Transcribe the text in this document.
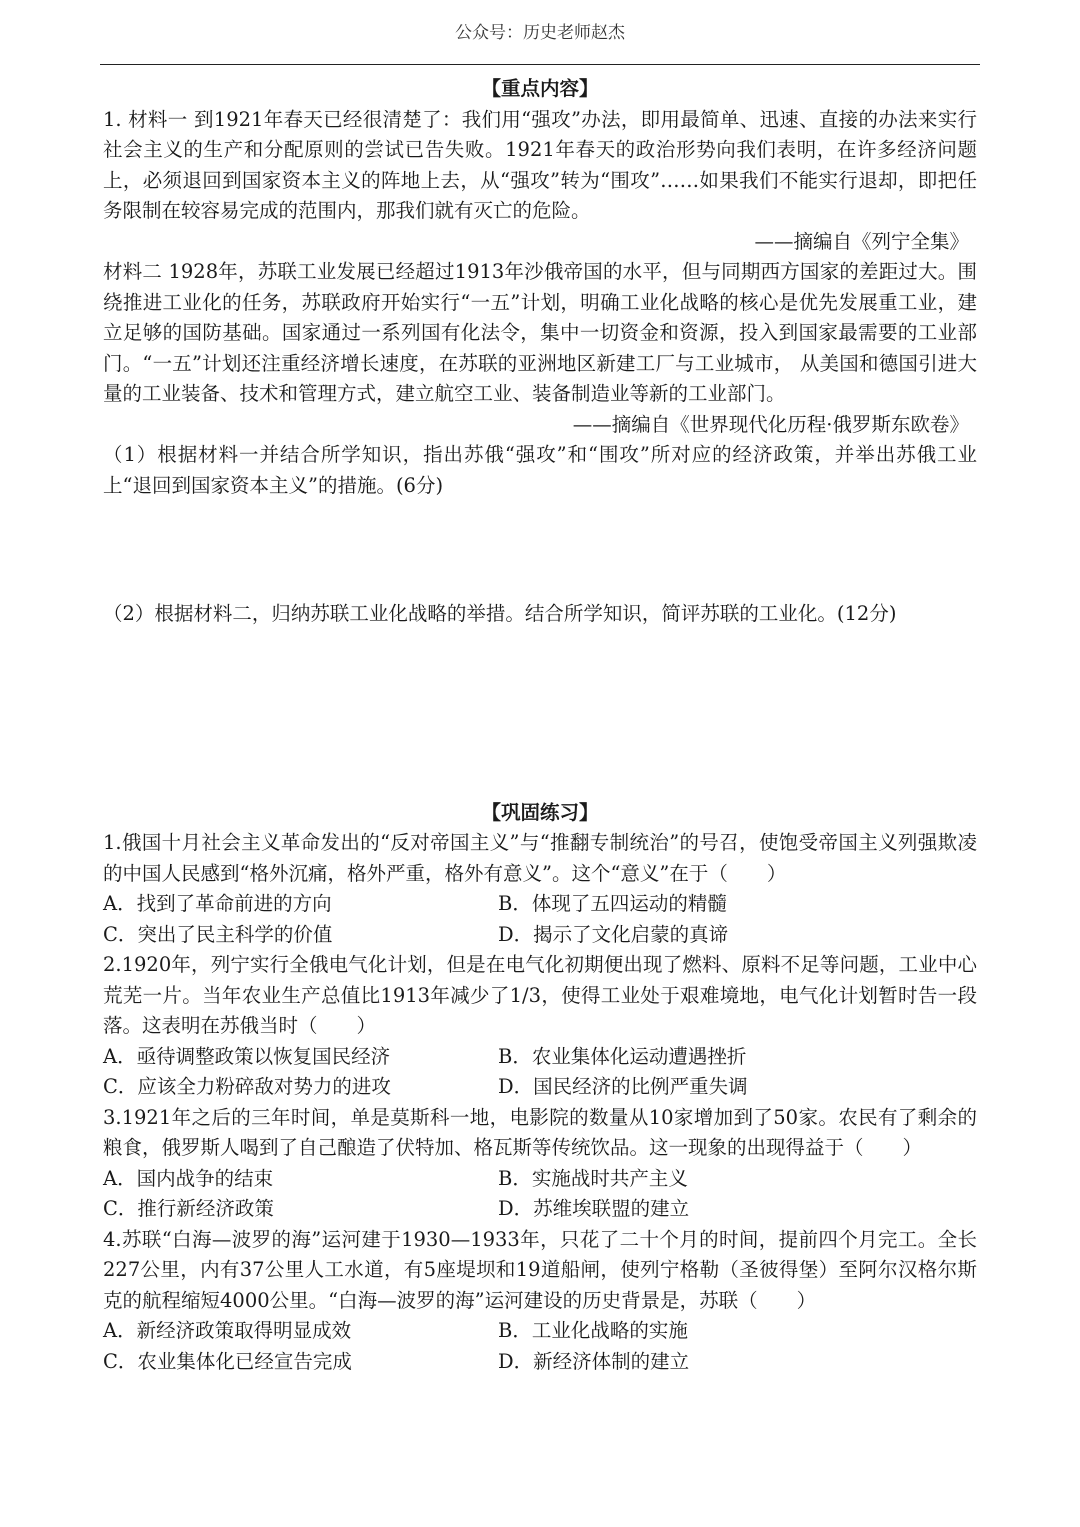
公众号：历史老师赵杰
【重点内容】

1. 材料一 到1921年春天已经很清楚了：我们用“强攻”办法，即用最简单、迅速、直接的办法来实行社会主义的生产和分配原则的尝试已告失败。1921年春天的政治形势向我们表明，在许多经济问题上，必须退回到国家资本主义的阵地上去，从“强攻”转为“围攻”……如果我们不能实行退却，即把任务限制在较容易完成的范围内，那我们就有灭亡的危险。

——摘编自《列宁全集》

材料二 1928年，苏联工业发展已经超过1913年沙俄帝国的水平，但与同期西方国家的差距过大。围绕推进工业化的任务，苏联政府开始实行“一五”计划，明确工业化战略的核心是优先发展重工业，建立足够的国防基础。国家通过一系列国有化法令，集中一切资金和资源，投入到国家最需要的工业部门。“一五”计划还注重经济增长速度，在苏联的亚洲地区新建工厂与工业城市， 从美国和德国引进大量的工业装备、技术和管理方式，建立航空工业、装备制造业等新的工业部门。

——摘编自《世界现代化历程·俄罗斯东欧卷》

（1）根据材料一并结合所学知识，指出苏俄“强攻”和“围攻”所对应的经济政策，并举出苏俄工业上“退回到国家资本主义”的措施。(6分)

（2）根据材料二，归纳苏联工业化战略的举措。结合所学知识，简评苏联的工业化。(12分)

【巩固练习】

1.俄国十月社会主义革命发出的“反对帝国主义”与“推翻专制统治”的号召，使饱受帝国主义列强欺凌的中国人民感到“格外沉痛，格外严重，格外有意义”。这个“意义”在于（　　）

A．找到了革命前进的方向	B．体现了五四运动的精髓
C．突出了民主科学的价值	D．揭示了文化启蒙的真谛

2.1920年，列宁实行全俄电气化计划，但是在电气化初期便出现了燃料、原料不足等问题，工业中心荒芜一片。当年农业生产总值比1913年减少了1/3，使得工业处于艰难境地，电气化计划暂时告一段落。这表明在苏俄当时（　　）

A．亟待调整政策以恢复国民经济	B．农业集体化运动遭遇挫折
C．应该全力粉碎敌对势力的进攻	D．国民经济的比例严重失调

3.1921年之后的三年时间，单是莫斯科一地，电影院的数量从10家增加到了50家。农民有了剩余的粮食，俄罗斯人喝到了自己酿造了伏特加、格瓦斯等传统饮品。这一现象的出现得益于（　　）

A．国内战争的结束	B．实施战时共产主义
C．推行新经济政策	D．苏维埃联盟的建立

4.苏联“白海—波罗的海”运河建于1930—1933年，只花了二十个月的时间，提前四个月完工。全长227公里，内有37公里人工水道，有5座堤坝和19道船闸，使列宁格勒（圣彼得堡）至阿尔汉格尔斯克的航程缩短4000公里。“白海—波罗的海”运河建设的历史背景是，苏联（　　）

A．新经济政策取得明显成效	B．工业化战略的实施
C．农业集体化已经宣告完成	D．新经济体制的建立
